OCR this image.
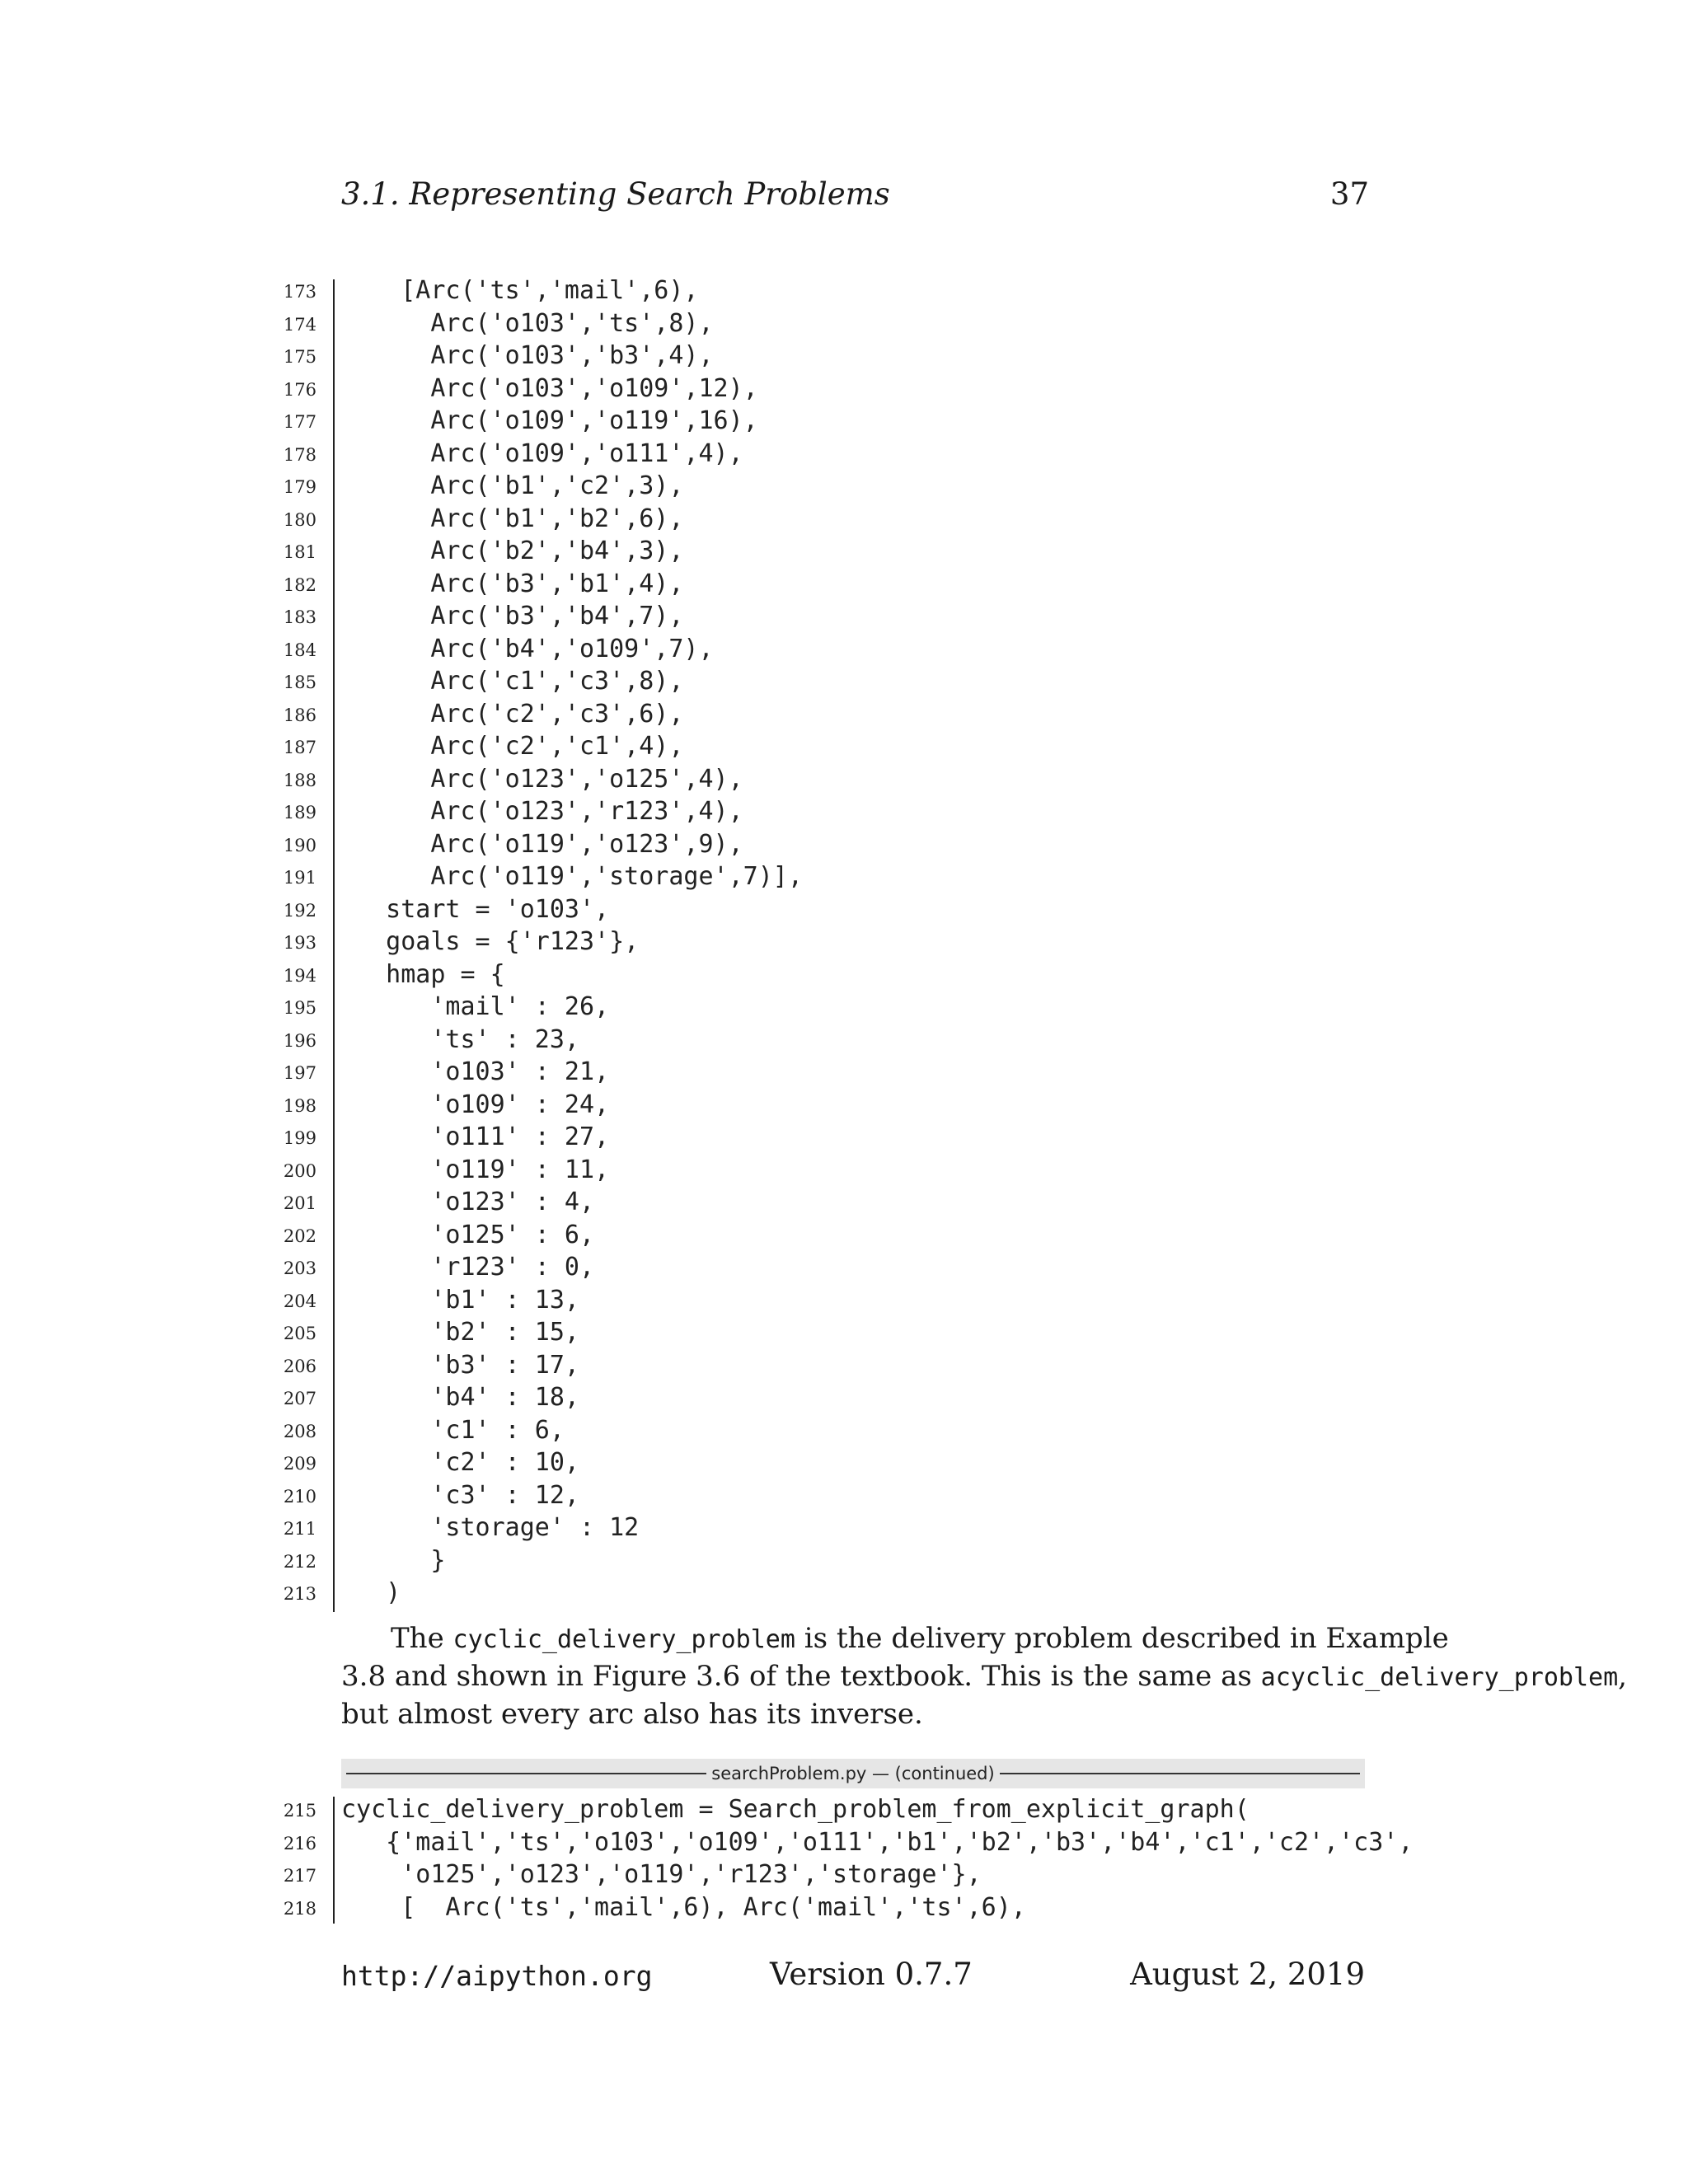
3.1. Representing Search Problems	37
173 [Arc('ts','mail',6),
174 Arc('o103','ts',8),
175 Arc('o103','b3',4),
176 Arc('o103','o109',12),
177 Arc('o109','o119',16),
178 Arc('o109','o111',4),
179 Arc('b1','c2',3),
180 Arc('b1','b2',6),
181 Arc('b2','b4',3),
182 Arc('b3','b1',4),
183 Arc('b3','b4',7),
184 Arc('b4','o109',7),
185 Arc('c1','c3',8),
186 Arc('c2','c3',6),
187 Arc('c2','c1',4),
188 Arc('o123','o125',4),
189 Arc('o123','r123',4),
190 Arc('o119','o123',9),
191 Arc('o119','storage',7)],
192 start = 'o103',
193 goals = {'r123'},
194 hmap = {
195 'mail' : 26,
196 'ts' : 23,
197 'o103' : 21,
198 'o109' : 24,
199 'o111' : 27,
200 'o119' : 11,
201 'o123' : 4,
202 'o125' : 6,
203 'r123' : 0,
204 'b1' : 13,
205 'b2' : 15,
206 'b3' : 17,
207 'b4' : 18,
208 'c1' : 6,
209 'c2' : 10,
210 'c3' : 12,
211 'storage' : 12
212 }
213 )
The cyclic_delivery_problem is the delivery problem described in Example
3.8 and shown in Figure 3.6 of the textbook. This is the same as acyclic_delivery_problem,
but almost every arc also has its inverse.
searchProblem.py — (continued)
215 cyclic_delivery_problem = Search_problem_from_explicit_graph(
216 {'mail','ts','o103','o109','o111','b1','b2','b3','b4','c1','c2','c3',
217 'o125','o123','o119','r123','storage'},
218 [  Arc('ts','mail',6), Arc('mail','ts',6),
http://aipython.org	Version 0.7.7	August 2, 2019
